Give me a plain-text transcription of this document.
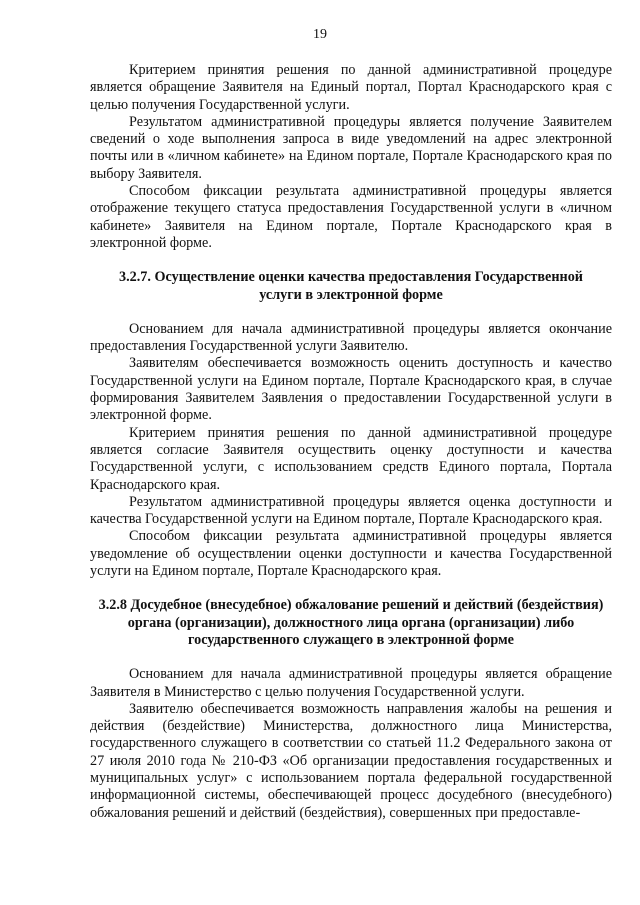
19

Критерием принятия решения по данной административной процедуре является обращение Заявителя на Единый портал, Портал Краснодарского края с целью получения Государственной услуги.

Результатом административной процедуры является получение Заявителем сведений о ходе выполнения запроса в виде уведомлений на адрес электронной почты или в «личном кабинете» на Едином портале, Портале Краснодарского края по выбору Заявителя.

Способом фиксации результата административной процедуры является отображение текущего статуса предоставления Государственной услуги в «личном кабинете» Заявителя на Едином портале, Портале Краснодарского края в электронной форме.

3.2.7. Осуществление оценки качества предоставления Государственной услуги в электронной форме

Основанием для начала административной процедуры является окончание предоставления Государственной услуги Заявителю.

Заявителям обеспечивается возможность оценить доступность и качество Государственной услуги на Едином портале, Портале Краснодарского края, в случае формирования Заявителем Заявления о предоставлении Государственной услуги в электронной форме.

Критерием принятия решения по данной административной процедуре является согласие Заявителя осуществить оценку доступности и качества Государственной услуги, с использованием средств Единого портала, Портала Краснодарского края.

Результатом административной процедуры является оценка доступности и качества Государственной услуги на Едином портале, Портале Краснодарского края.

Способом фиксации результата административной процедуры является уведомление об осуществлении оценки доступности и качества Государственной услуги на Едином портале, Портале Краснодарского края.

3.2.8 Досудебное (внесудебное) обжалование решений и действий (бездействия) органа (организации), должностного лица органа (организации) либо государственного служащего в электронной форме

Основанием для начала административной процедуры является обращение Заявителя в Министерство с целью получения Государственной услуги.

Заявителю обеспечивается возможность направления жалобы на решения и действия (бездействие) Министерства, должностного лица Министерства, государственного служащего в соответствии со статьей 11.2 Федерального закона от 27 июля 2010 года № 210-ФЗ «Об организации предоставления государственных и муниципальных услуг» с использованием портала федеральной государственной информационной системы, обеспечивающей процесс досудебного (внесудебного) обжалования решений и действий (бездействия), совершенных при предоставле-
